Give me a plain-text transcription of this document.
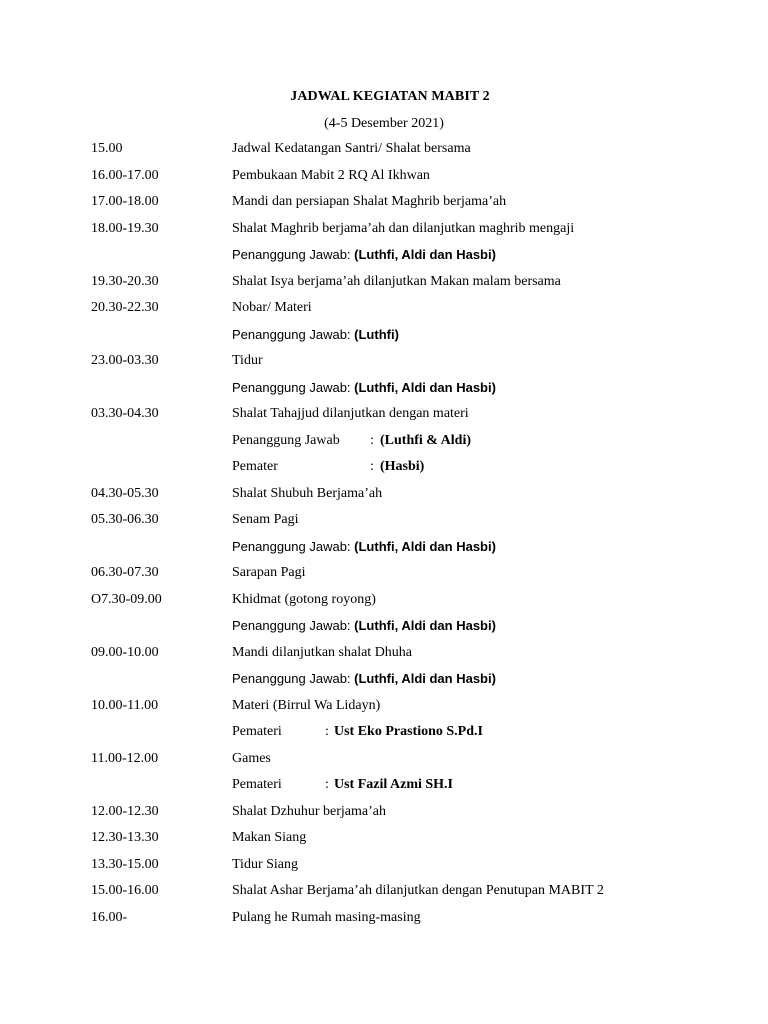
JADWAL KEGIATAN MABIT 2
(4-5 Desember 2021)
15.00	Jadwal Kedatangan Santri/ Shalat bersama
16.00-17.00	Pembukaan Mabit 2 RQ Al Ikhwan
17.00-18.00	Mandi dan persiapan Shalat Maghrib berjama’ah
18.00-19.30	Shalat Maghrib berjama’ah dan dilanjutkan maghrib mengaji
Penanggung Jawab: (Luthfi, Aldi dan Hasbi)
19.30-20.30	Shalat Isya berjama’ah dilanjutkan Makan malam bersama
20.30-22.30	Nobar/ Materi
Penanggung Jawab: (Luthfi)
23.00-03.30	Tidur
Penanggung Jawab: (Luthfi, Aldi dan Hasbi)
03.30-04.30	Shalat Tahajjud dilanjutkan dengan materi
Penanggung Jawab : (Luthfi & Aldi)
Pemater	: (Hasbi)
04.30-05.30	Shalat Shubuh Berjama’ah
05.30-06.30	Senam Pagi
Penanggung Jawab: (Luthfi, Aldi dan Hasbi)
06.30-07.30	Sarapan Pagi
O7.30-09.00	Khidmat (gotong royong)
Penanggung Jawab: (Luthfi, Aldi dan Hasbi)
09.00-10.00	Mandi dilanjutkan shalat Dhuha
Penanggung Jawab: (Luthfi, Aldi dan Hasbi)
10.00-11.00	Materi (Birrul Wa Lidayn)
Pemateri	: Ust Eko Prastiono S.Pd.I
11.00-12.00	Games
Pemateri	: Ust Fazil Azmi SH.I
12.00-12.30	Shalat Dzhuhur berjama’ah
12.30-13.30	Makan Siang
13.30-15.00	Tidur Siang
15.00-16.00	Shalat Ashar Berjama’ah dilanjutkan dengan Penutupan MABIT 2
16.00-	Pulang he Rumah masing-masing
